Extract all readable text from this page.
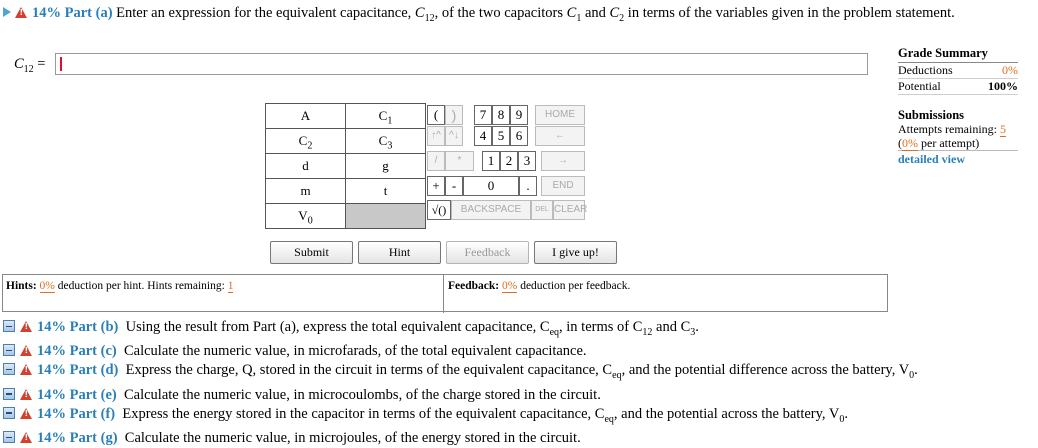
!14% Part (a) Enter an expression for the equivalent capacitance, $C_{12}$, of the two capacitors $C_1$ and $C_2$ in terms of the variables given in the problem statement.
$C_{12}$ =
Grade Summary
Deductions	0%
Potential	100%
Submissions
Attempts remaining: 5
(0% per attempt)
detailed view
A	$C_1$
$C_2$	$C_3$
d	g
m	t
$V_0$
( )	7 8 9	HOME
↑^ ^↓	4 5 6	←
/	*	1 2 3	→
+ -	0	.	END
√()	BACKSPACE	DEL CLEAR
Submit	Hint	Feedback	I give up!
Hints: 0% deduction per hint. Hints remaining: 1	Feedback: 0% deduction per feedback.
!14% Part (b) Using the result from Part (a), express the total equivalent capacitance, $C_{eq}$, in terms of $C_{12}$ and $C_3$.
!14% Part (c) Calculate the numeric value, in microfarads, of the total equivalent capacitance.
!14% Part (d) Express the charge, Q, stored in the circuit in terms of the equivalent capacitance, $C_{eq}$, and the potential difference across the battery, $V_0$.
!14% Part (e) Calculate the numeric value, in microcoulombs, of the charge stored in the circuit.
!14% Part (f) Express the energy stored in the capacitor in terms of the equivalent capacitance, $C_{eq}$, and the potential across the battery, $V_0$.
!14% Part (g) Calculate the numeric value, in microjoules, of the energy stored in the circuit.
